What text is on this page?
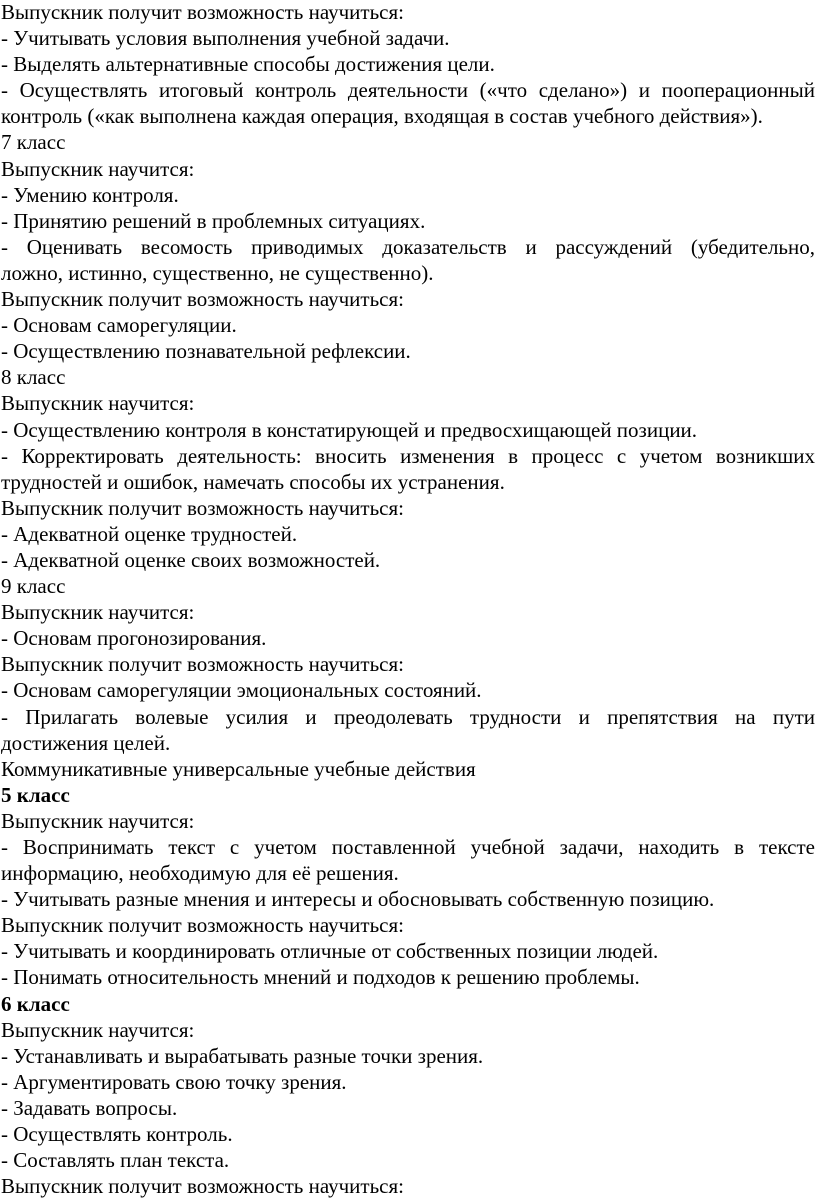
Выпускник получит возможность научиться:
- Учитывать условия выполнения учебной задачи.
- Выделять альтернативные способы достижения цели.
- Осуществлять итоговый контроль деятельности («что сделано») и пооперационный
контроль («как выполнена каждая операция, входящая в состав учебного действия»).
7 класс
Выпускник научится:
- Умению контроля.
- Принятию решений в проблемных ситуациях.
- Оценивать весомость приводимых доказательств и рассуждений (убедительно,
ложно, истинно, существенно, не существенно).
Выпускник получит возможность научиться:
- Основам саморегуляции.
- Осуществлению познавательной рефлексии.
8 класс
Выпускник научится:
- Осуществлению контроля в констатирующей и предвосхищающей позиции.
- Корректировать деятельность: вносить изменения в процесс с учетом возникших
трудностей и ошибок, намечать способы их устранения.
Выпускник получит возможность научиться:
- Адекватной оценке трудностей.
- Адекватной оценке своих возможностей.
9 класс
Выпускник научится:
- Основам прогонозирования.
Выпускник получит возможность научиться:
- Основам саморегуляции эмоциональных состояний.
- Прилагать волевые усилия и преодолевать трудности и препятствия на пути
достижения целей.
Коммуникативные универсальные учебные действия
5 класс
Выпускник научится:
- Воспринимать текст с учетом поставленной учебной задачи, находить в тексте
информацию, необходимую для её решения.
- Учитывать разные мнения и интересы и обосновывать собственную позицию.
Выпускник получит возможность научиться:
- Учитывать и координировать отличные от собственных позиции людей.
- Понимать относительность мнений и подходов к решению проблемы.
6 класс
Выпускник научится:
- Устанавливать и вырабатывать разные точки зрения.
- Аргументировать свою точку зрения.
- Задавать вопросы.
- Осуществлять контроль.
- Составлять план текста.
Выпускник получит возможность научиться:
